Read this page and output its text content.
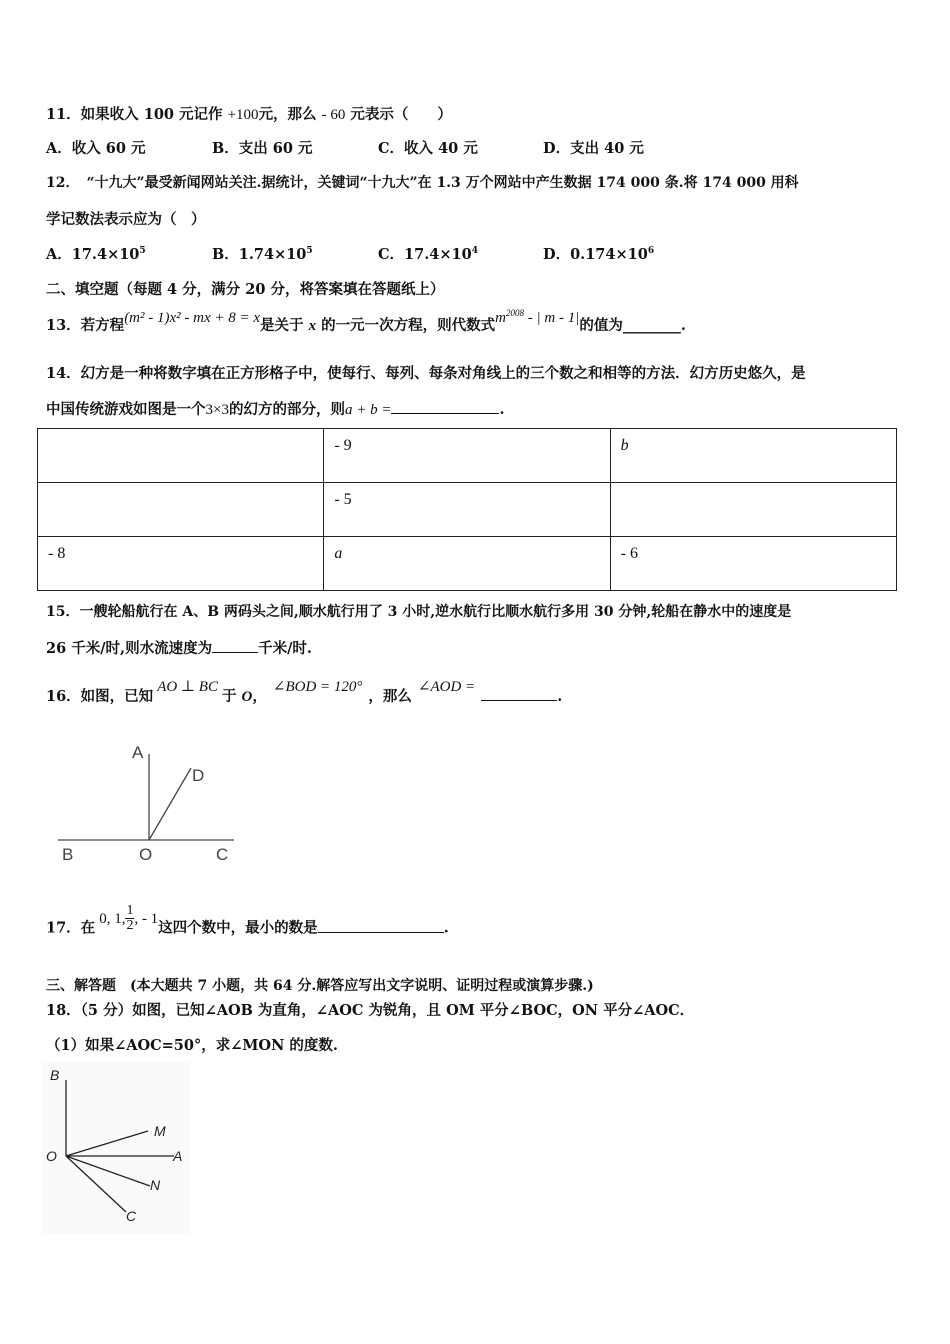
11．如果收入 100 元记作 +100元，那么 - 60 元表示（　　）
A．收入 60 元	B．支出 60 元	C．收入 40 元	D．支出 40 元
12．　“十九大”最受新闻网站关注.据统计，关键词“十九大”在 1.3 万个网站中产生数据 174 000 条.将 174 000 用科
学记数法表示应为（　）
A．$17.4\times 10^5$	B．$1.74\times 10^5$	C．$17.4\times 10^4$	D．$0.174\times 10^6$
二、填空题（每题 4 分，满分 20 分，将答案填在答题纸上）
13．若方程(m² - 1)x² - mx + 8 = x是关于 x 的一元一次方程，则代数式$m^{2008}$ - | m - 1|的值为________.
14．幻方是一种将数字填在正方形格子中，使每行、每列、每条对角线上的三个数之和相等的方法．幻方历史悠久，是
中国传统游戏如图是一个3×3的幻方的部分，则a + b =	.
	- 9	b
	- 5	
- 8	a	- 6
15．一艘轮船航行在 A、B 两码头之间,顺水航行用了 3 小时,逆水航行比顺水航行多用 30 分钟,轮船在静水中的速度是
26 千米/时,则水流速度为	千米/时.
16．如图，已知AO ⊥ BC于 O，∠BOD = 120°，那么∠AOD =.
A
D
B	O	C
17．在0, 1, $\frac{1}{2}$ , - 1这四个数中，最小的数是	.
三、解答题　(本大题共 7 小题，共 64 分.解答应写出文字说明、证明过程或演算步骤.)
18．（5 分）如图，已知∠AOB 为直角，∠AOC 为锐角，且 OM 平分∠BOC，ON 平分∠AOC．
（1）如果∠AOC=50°，求∠MON 的度数.
B
O
M
A
N
C
